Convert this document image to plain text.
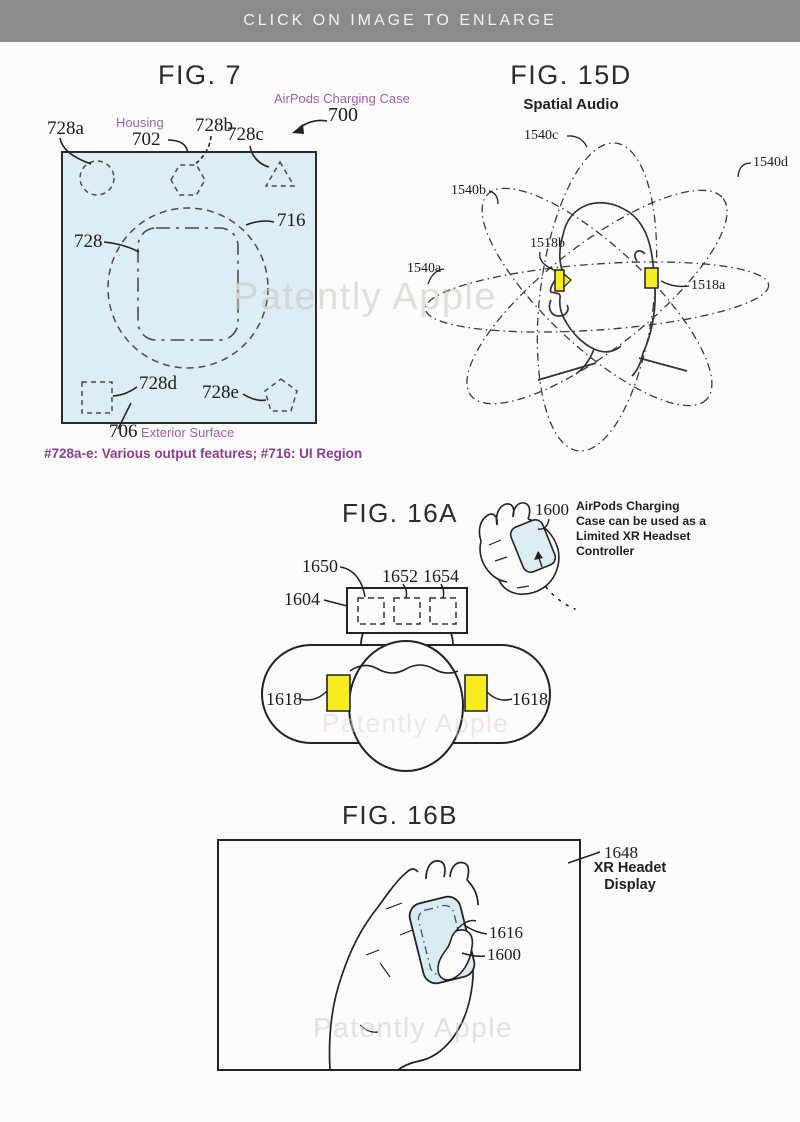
CLICK ON IMAGE TO ENLARGE
Patently Apple
Patently Apple
Patently Apple
FIG. 7
AirPods Charging Case
700
728a Housing
702
728b
728c
716
728
728d 728e
706 Exterior Surface
#728a-e: Various output features; #716: UI Region
FIG. 15D
Spatial Audio
1540c
1540d
1540b
1540a
1518b
1518a
FIG. 16A	1600 AirPods Charging
Case can be used as a
Limited XR Headset
Controller
1650 1652 1654
1604
1618	1618
FIG. 16B
1648
XR Headet
Display
1616
1600
